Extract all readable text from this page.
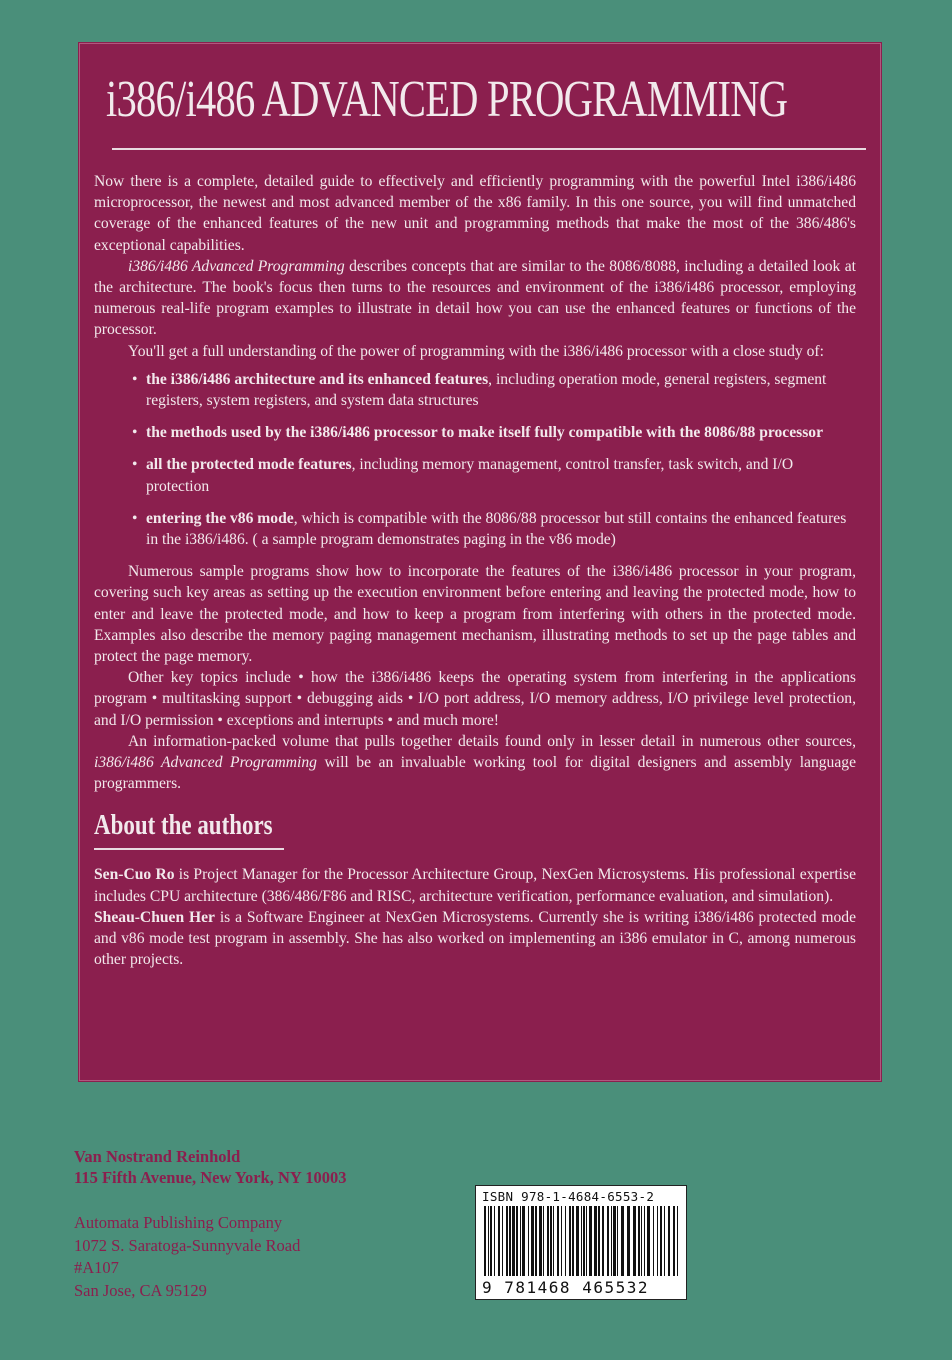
i386/i486 ADVANCED PROGRAMMING

Now there is a complete, detailed guide to effectively and efficiently programming with the powerful Intel i386/i486 microprocessor, the newest and most advanced member of the x86 family. In this one source, you will find unmatched coverage of the enhanced features of the new unit and programming methods that make the most of the 386/486's exceptional capabilities.

i386/i486 Advanced Programming describes concepts that are similar to the 8086/8088, including a detailed look at the architecture. The book's focus then turns to the resources and environment of the i386/i486 processor, employing numerous real-life program examples to illustrate in detail how you can use the enhanced features or functions of the processor.

You'll get a full understanding of the power of programming with the i386/i486 processor with a close study of:

• the i386/i486 architecture and its enhanced features, including operation mode, general registers, segment registers, system registers, and system data structures
• the methods used by the i386/i486 processor to make itself fully compatible with the 8086/88 processor
• all the protected mode features, including memory management, control transfer, task switch, and I/O protection
• entering the v86 mode, which is compatible with the 8086/88 processor but still contains the enhanced features in the i386/i486. ( a sample program demonstrates paging in the v86 mode)

Numerous sample programs show how to incorporate the features of the i386/i486 processor in your program, covering such key areas as setting up the execution environment before entering and leaving the protected mode, how to enter and leave the protected mode, and how to keep a program from interfering with others in the protected mode. Examples also describe the memory paging management mechanism, illustrating methods to set up the page tables and protect the page memory.

Other key topics include • how the i386/i486 keeps the operating system from interfering in the applications program • multitasking support • debugging aids • I/O port address, I/O memory address, I/O privilege level protection, and I/O permission • exceptions and interrupts • and much more!

An information-packed volume that pulls together details found only in lesser detail in numerous other sources, i386/i486 Advanced Programming will be an invaluable working tool for digital designers and assembly language programmers.

About the authors

Sen-Cuo Ro is Project Manager for the Processor Architecture Group, NexGen Microsystems. His professional expertise includes CPU architecture (386/486/F86 and RISC, architecture verification, performance evaluation, and simulation).

Sheau-Chuen Her is a Software Engineer at NexGen Microsystems. Currently she is writing i386/i486 protected mode and v86 mode test program in assembly. She has also worked on implementing an i386 emulator in C, among numerous other projects.

Van Nostrand Reinhold
115 Fifth Avenue, New York, NY 10003
Automata Publishing Company
1072 S. Saratoga-Sunnyvale Road
#A107
San Jose, CA 95129
ISBN 978-1-4684-6553-2
9 781468 465532
